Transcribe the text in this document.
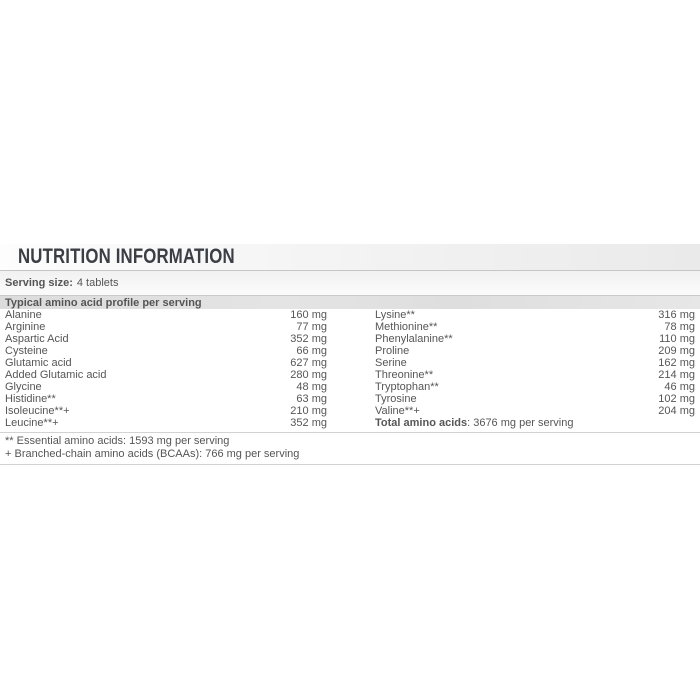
NUTRITION INFORMATION
Serving size: 4 tablets
Typical amino acid profile per serving
Alanine	160 mg
Arginine	77 mg
Aspartic Acid	352 mg
Cysteine	66 mg
Glutamic acid	627 mg
Added Glutamic acid	280 mg
Glycine	48 mg
Histidine**	63 mg
Isoleucine**+	210 mg
Leucine**+	352 mg
Lysine**	316 mg
Methionine**	78 mg
Phenylalanine**	110 mg
Proline	209 mg
Serine	162 mg
Threonine**	214 mg
Tryptophan**	46 mg
Tyrosine	102 mg
Valine**+	204 mg
Total amino acids : 3676 mg per serving
** Essential amino acids: 1593 mg per serving
+ Branched-chain amino acids (BCAAs): 766 mg per serving
